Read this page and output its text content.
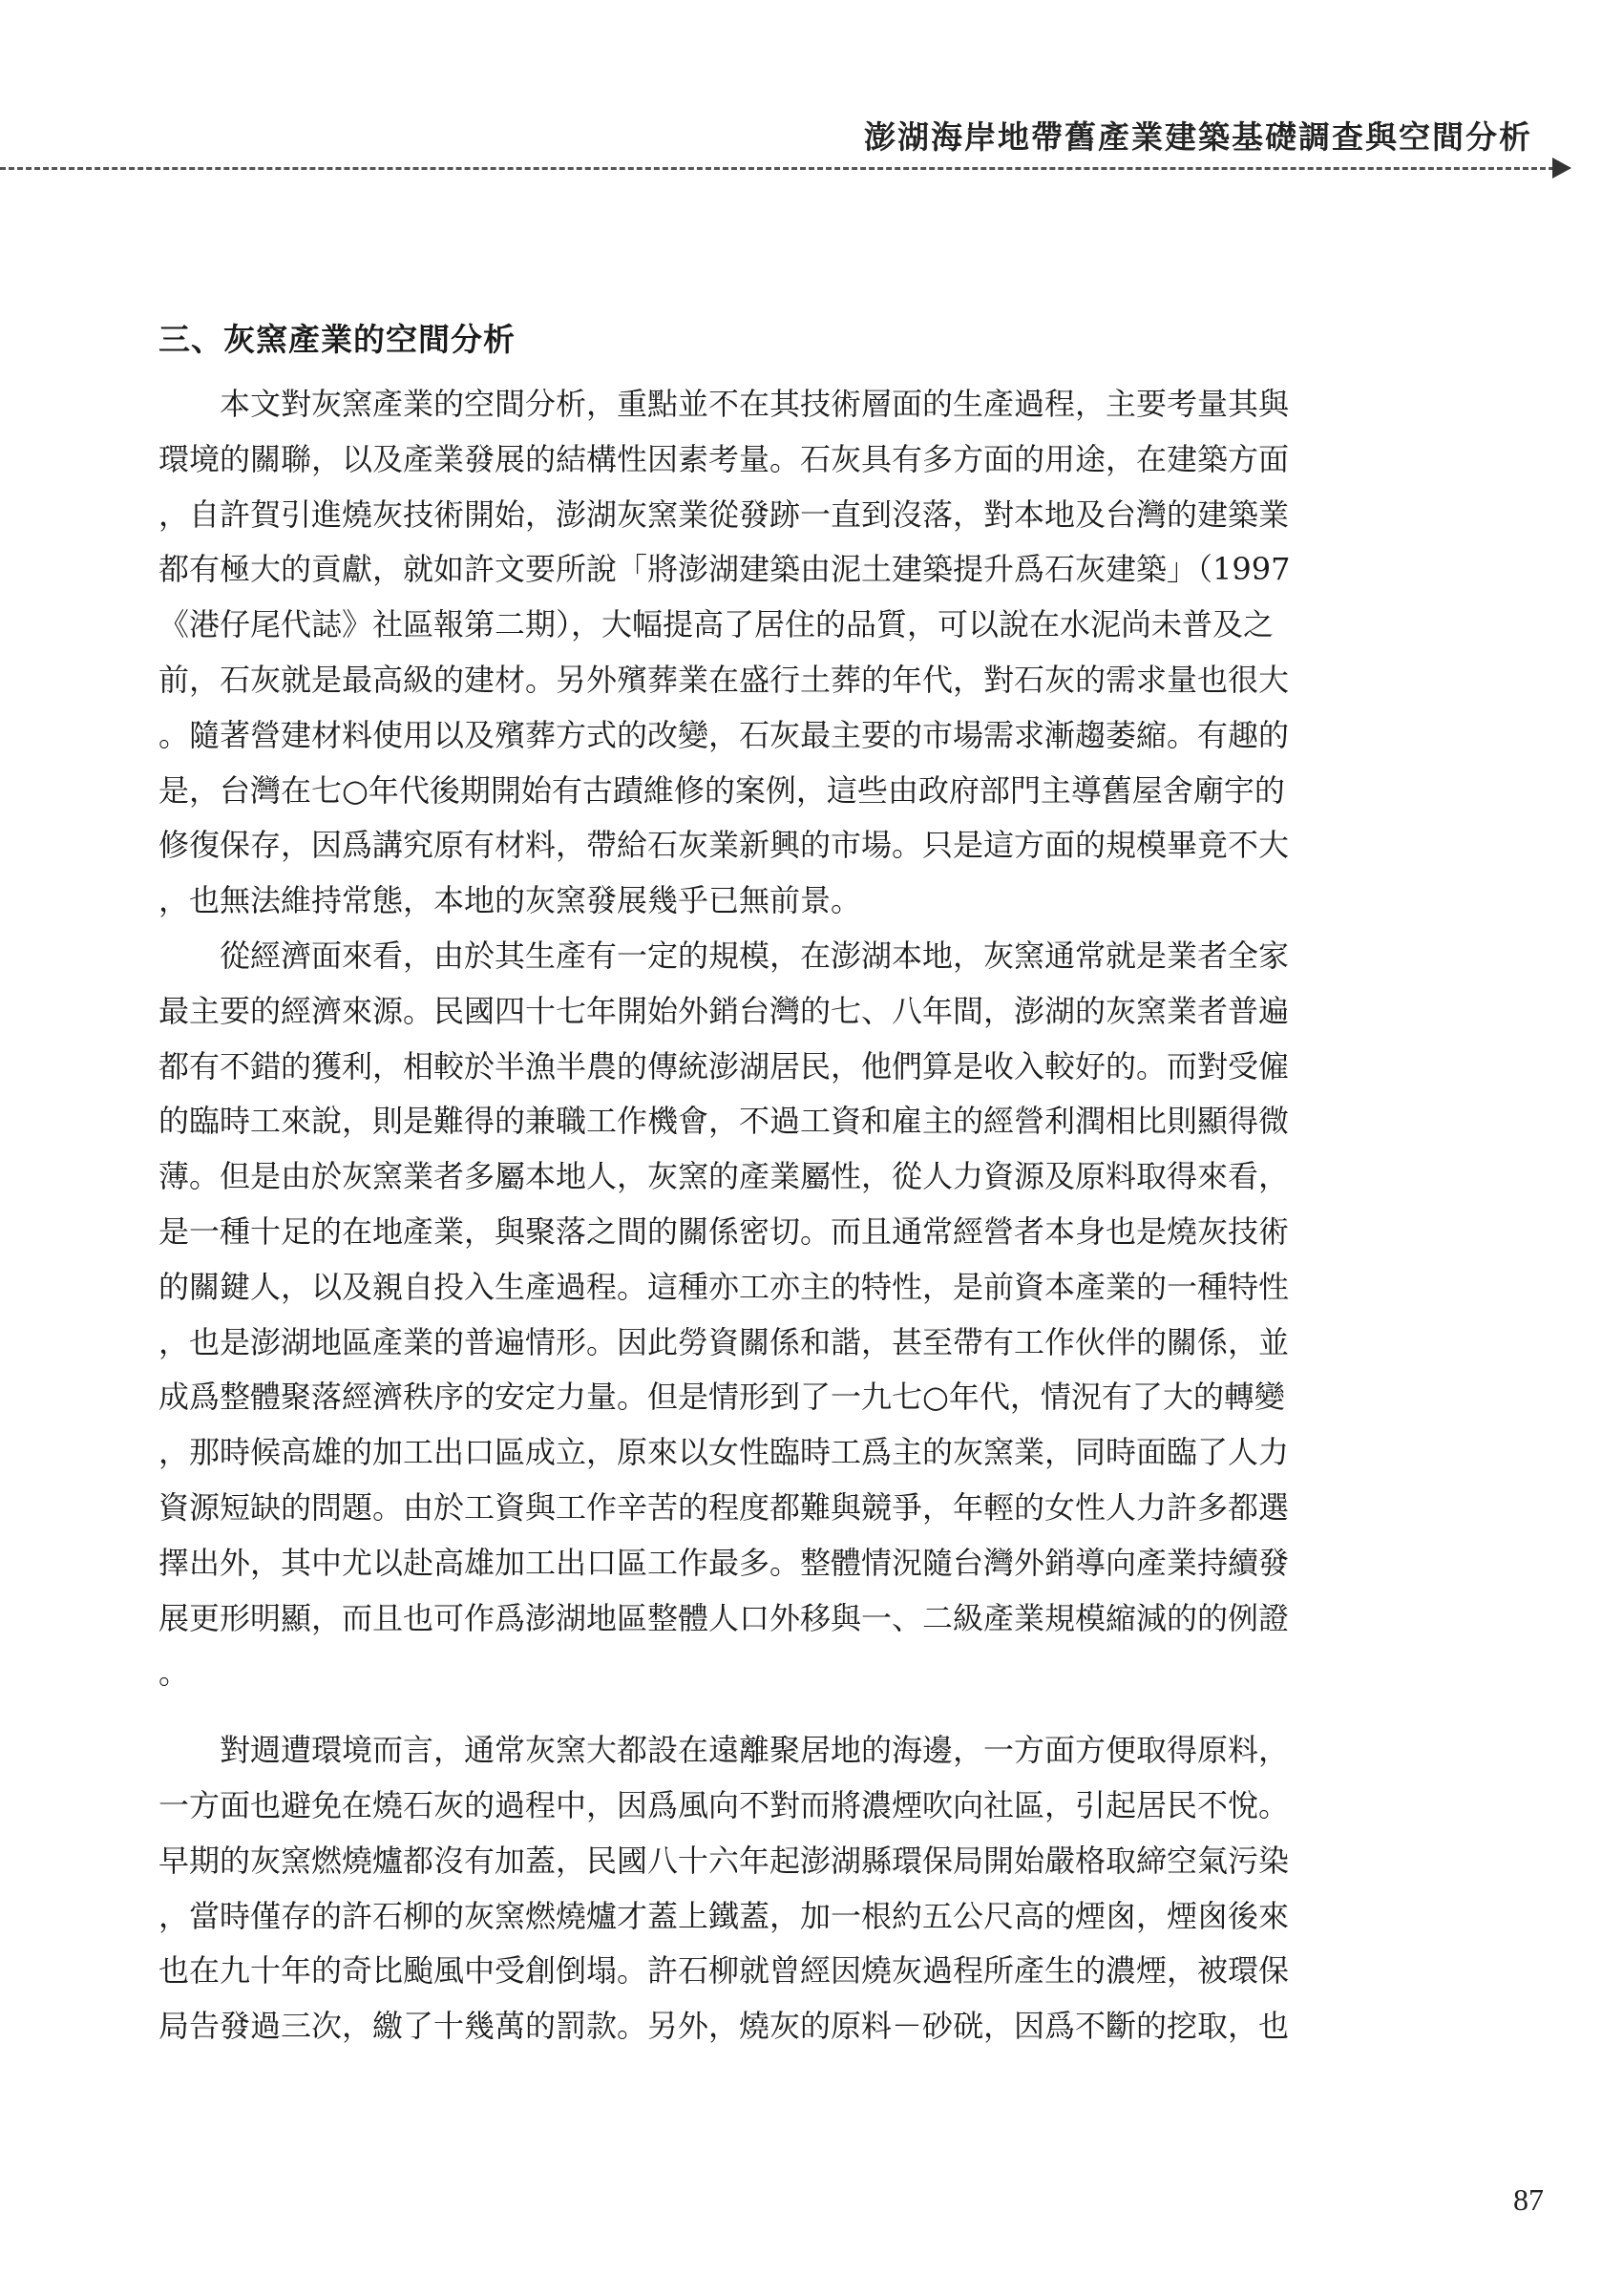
澎湖海岸地帶舊產業建築基礎調查與空間分析
三、灰窯產業的空間分析

　　本文對灰窯產業的空間分析，重點並不在其技術層面的生產過程，主要考量其與
環境的關聯，以及產業發展的結構性因素考量。石灰具有多方面的用途，在建築方面
，自許賀引進燒灰技術開始，澎湖灰窯業從發跡一直到沒落，對本地及台灣的建築業
都有極大的貢獻，就如許文要所說「將澎湖建築由泥土建築提升爲石灰建築」（1997
《港仔尾代誌》社區報第二期），大幅提高了居住的品質，可以說在水泥尚未普及之
前，石灰就是最高級的建材。另外殯葬業在盛行土葬的年代，對石灰的需求量也很大
。隨著營建材料使用以及殯葬方式的改變，石灰最主要的市場需求漸趨萎縮。有趣的
是，台灣在七○年代後期開始有古蹟維修的案例，這些由政府部門主導舊屋舍廟宇的
修復保存，因爲講究原有材料，帶給石灰業新興的市場。只是這方面的規模畢竟不大
，也無法維持常態，本地的灰窯發展幾乎已無前景。

　　從經濟面來看，由於其生產有一定的規模，在澎湖本地，灰窯通常就是業者全家
最主要的經濟來源。民國四十七年開始外銷台灣的七、八年間，澎湖的灰窯業者普遍
都有不錯的獲利，相較於半漁半農的傳統澎湖居民，他們算是收入較好的。而對受僱
的臨時工來說，則是難得的兼職工作機會，不過工資和雇主的經營利潤相比則顯得微
薄。但是由於灰窯業者多屬本地人，灰窯的產業屬性，從人力資源及原料取得來看，
是一種十足的在地產業，與聚落之間的關係密切。而且通常經營者本身也是燒灰技術
的關鍵人，以及親自投入生產過程。這種亦工亦主的特性，是前資本產業的一種特性
，也是澎湖地區產業的普遍情形。因此勞資關係和諧，甚至帶有工作伙伴的關係，並
成爲整體聚落經濟秩序的安定力量。但是情形到了一九七○年代，情況有了大的轉變
，那時候高雄的加工出口區成立，原來以女性臨時工爲主的灰窯業，同時面臨了人力
資源短缺的問題。由於工資與工作辛苦的程度都難與競爭，年輕的女性人力許多都選
擇出外，其中尤以赴高雄加工出口區工作最多。整體情況隨台灣外銷導向產業持續發
展更形明顯，而且也可作爲澎湖地區整體人口外移與一、二級產業規模縮減的的例證

。

　　對週遭環境而言，通常灰窯大都設在遠離聚居地的海邊，一方面方便取得原料，
一方面也避免在燒石灰的過程中，因爲風向不對而將濃煙吹向社區，引起居民不悅。
早期的灰窯燃燒爐都沒有加蓋，民國八十六年起澎湖縣環保局開始嚴格取締空氣污染
，當時僅存的許石柳的灰窯燃燒爐才蓋上鐵蓋，加一根約五公尺高的煙囪，煙囪後來
也在九十年的奇比颱風中受創倒塌。許石柳就曾經因燒灰過程所產生的濃煙，被環保
局告發過三次，繳了十幾萬的罰款。另外，燒灰的原料－砂硄，因爲不斷的挖取，也

87
